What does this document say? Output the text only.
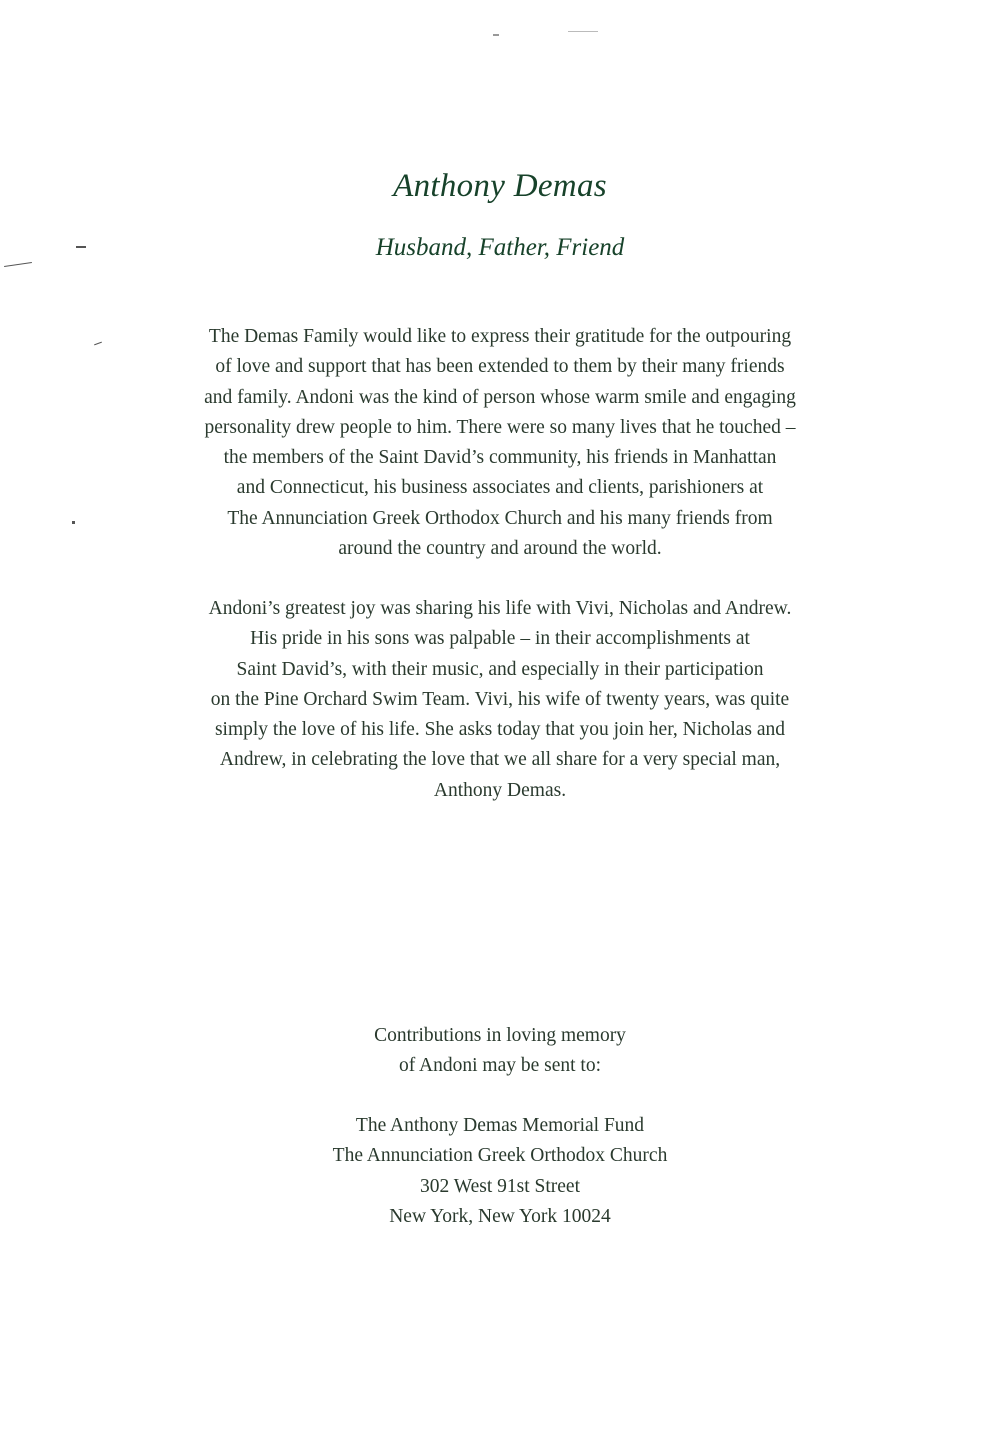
Anthony Demas
Husband, Father, Friend
The Demas Family would like to express their gratitude for the outpouring
of love and support that has been extended to them by their many friends
and family. Andoni was the kind of person whose warm smile and engaging
personality drew people to him. There were so many lives that he touched –
the members of the Saint David’s community, his friends in Manhattan
and Connecticut, his business associates and clients, parishioners at
The Annunciation Greek Orthodox Church and his many friends from
around the country and around the world.
Andoni’s greatest joy was sharing his life with Vivi, Nicholas and Andrew.
His pride in his sons was palpable – in their accomplishments at
Saint David’s, with their music, and especially in their participation
on the Pine Orchard Swim Team. Vivi, his wife of twenty years, was quite
simply the love of his life. She asks today that you join her, Nicholas and
Andrew, in celebrating the love that we all share for a very special man,
Anthony Demas.
Contributions in loving memory
of Andoni may be sent to:
The Anthony Demas Memorial Fund
The Annunciation Greek Orthodox Church
302 West 91st Street
New York, New York 10024
